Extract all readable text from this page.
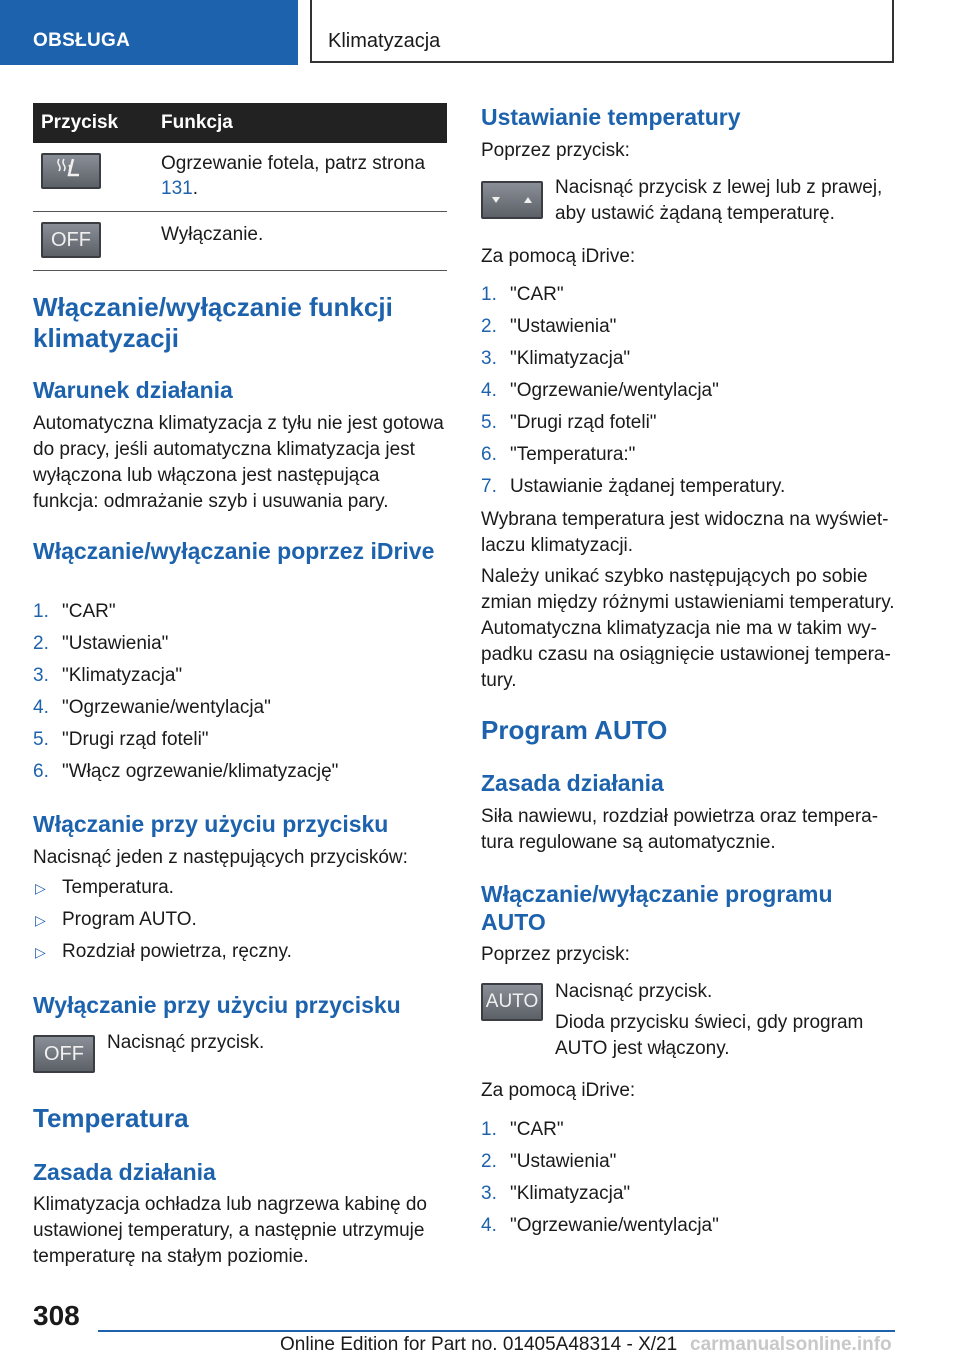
OBSŁUGA	Klimatyzacja
Przycisk	Funkcja
	Ogrzewanie fotela, patrz strona 131.
OFF	Wyłączanie.
Włączanie/wyłączanie funkcji klimatyzacji
Warunek działania

Automatyczna klimatyzacja z tyłu nie jest gotowa do pracy, jeśli automatyczna klimatyzacja jest wyłączona lub włączona jest następująca funkcja: odmrażanie szyb i usuwania pary.

Włączanie/wyłączanie poprzez iDrive
1. "CAR"
2. "Ustawienia"
3. "Klimatyzacja"
4. "Ogrzewanie/wentylacja"
5. "Drugi rząd foteli"
6. "Włącz ogrzewanie/klimatyzację"
Włączanie przy użyciu przycisku

Nacisnąć jeden z następujących przycisków:

▷ Temperatura.
▷ Program AUTO.
▷ Rozdział powietrza, ręczny.
Wyłączanie przy użyciu przycisku
OFF

Nacisnąć przycisk.

Temperatura
Zasada działania

Klimatyzacja ochładza lub nagrzewa kabinę do ustawionej temperatury, a następnie utrzymuje temperaturę na stałym poziomie.

Ustawianie temperatury

Poprzez przycisk:

Nacisnąć przycisk z lewej lub z prawej, aby ustawić żądaną temperaturę.

Za pomocą iDrive:

1. "CAR"
2. "Ustawienia"
3. "Klimatyzacja"
4. "Ogrzewanie/wentylacja"
5. "Drugi rząd foteli"
6. "Temperatura:"
7. Ustawianie żądanej temperatury.

Wybrana temperatura jest widoczna na wyświetlaczu klimatyzacji.

Należy unikać szybko następujących po sobie zmian między różnymi ustawieniami temperatury. Automatyczna klimatyzacja nie ma w takim wypadku czasu na osiągnięcie ustawionej temperatury.

Program AUTO
Zasada działania

Siła nawiewu, rozdział powietrza oraz temperatura regulowane są automatycznie.

Włączanie/wyłączanie programu AUTO

Poprzez przycisk:

AUTO Nacisnąć przycisk.

Dioda przycisku świeci, gdy program AUTO jest włączony.

Za pomocą iDrive:

1. "CAR"
2. "Ustawienia"
3. "Klimatyzacja"
4. "Ogrzewanie/wentylacja"
308
Online Edition for Part no. 01405A48314 - X/21 carmanualsonline.info
